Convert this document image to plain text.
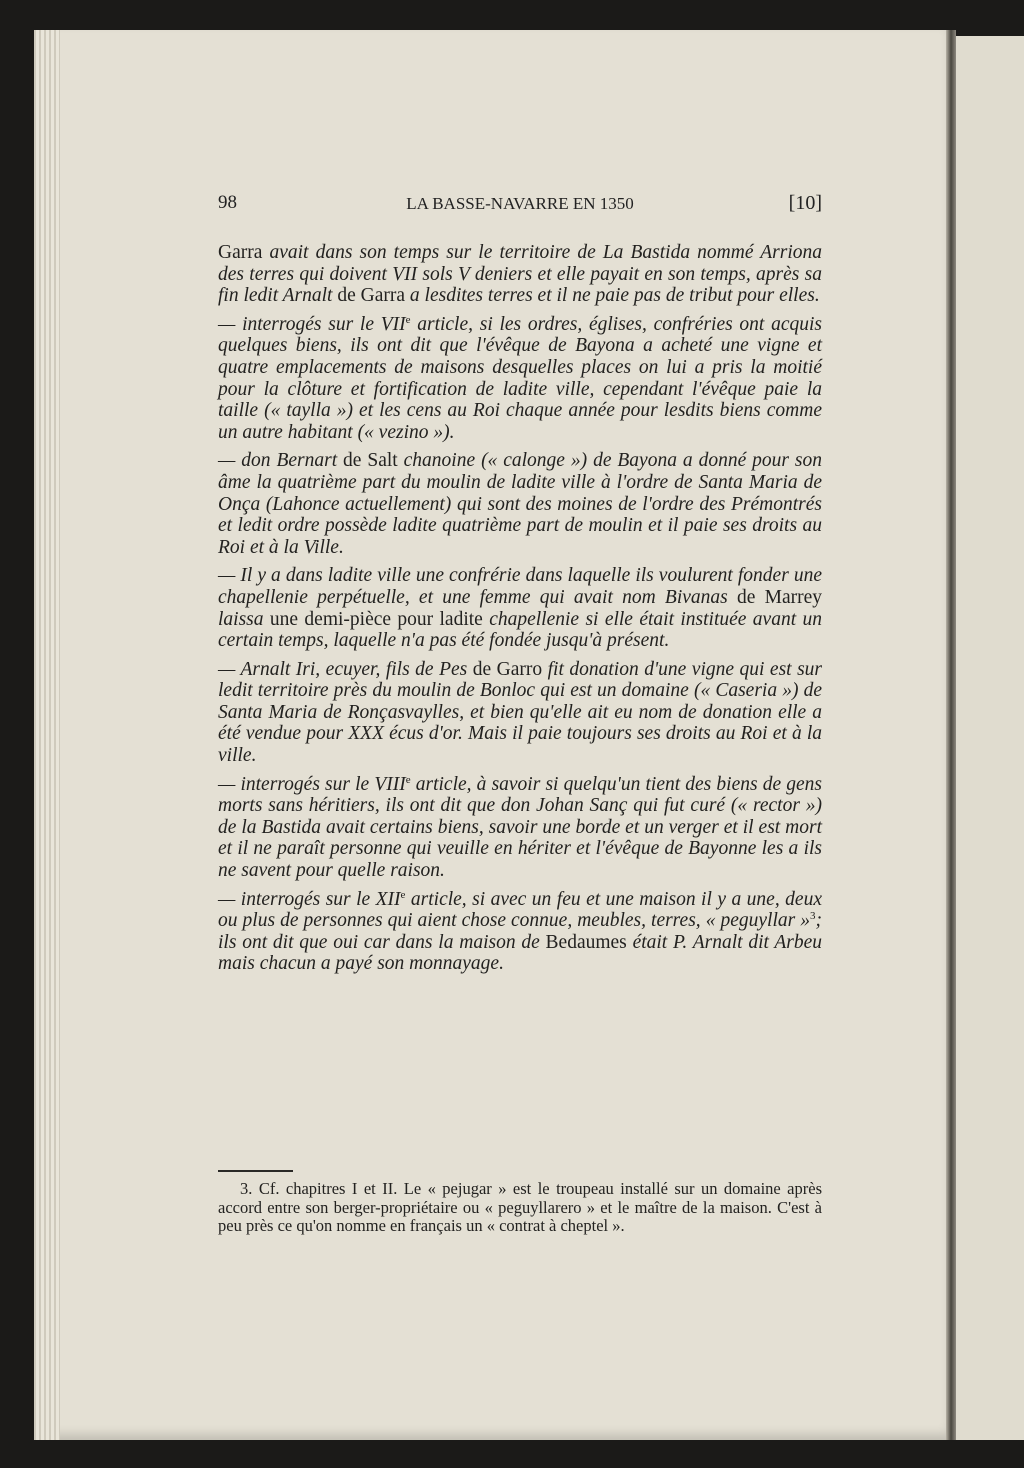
98	LA BASSE-NAVARRE EN 1350	[10]

Garra avait dans son temps sur le territoire de La Bastida nommé Arriona des terres qui doivent VII sols V deniers et elle payait en son temps, après sa fin ledit Arnalt de Garra a lesdites terres et il ne paie pas de tribut pour elles.

— interrogés sur le VIIe article, si les ordres, églises, confréries ont acquis quelques biens, ils ont dit que l'évêque de Bayona a acheté une vigne et quatre emplacements de maisons desquelles places on lui a pris la moitié pour la clôture et fortification de ladite ville, cependant l'évêque paie la taille (« taylla ») et les cens au Roi chaque année pour lesdits biens comme un autre habitant (« vezino »).

— don Bernart de Salt chanoine (« calonge ») de Bayona a donné pour son âme la quatrième part du moulin de ladite ville à l'ordre de Santa Maria de Onça (Lahonce actuellement) qui sont des moines de l'ordre des Prémontrés et ledit ordre possède ladite quatrième part de moulin et il paie ses droits au Roi et à la Ville.

— Il y a dans ladite ville une confrérie dans laquelle ils voulurent fonder une chapellenie perpétuelle, et une femme qui avait nom Bivanas de Marrey laissa une demi-pièce pour ladite chapellenie si elle était instituée avant un certain temps, laquelle n'a pas été fondée jusqu'à présent.

— Arnalt Iri, ecuyer, fils de Pes de Garro fit donation d'une vigne qui est sur ledit territoire près du moulin de Bonloc qui est un domaine (« Caseria ») de Santa Maria de Ronçasvaylles, et bien qu'elle ait eu nom de donation elle a été vendue pour XXX écus d'or. Mais il paie toujours ses droits au Roi et à la ville.

— interrogés sur le VIIIe article, à savoir si quelqu'un tient des biens de gens morts sans héritiers, ils ont dit que don Johan Sanç qui fut curé (« rector ») de la Bastida avait certains biens, savoir une borde et un verger et il est mort et il ne paraît personne qui veuille en hériter et l'évêque de Bayonne les a ils ne savent pour quelle raison.

— interrogés sur le XIIe article, si avec un feu et une maison il y a une, deux ou plus de personnes qui aient chose connue, meubles, terres, « peguyllar »$^3$; ils ont dit que oui car dans la maison de Bedaumes était P. Arnalt dit Arbeu mais chacun a payé son monnayage.

3. Cf. chapitres I et II. Le « pejugar » est le troupeau installé sur un domaine après accord entre son berger-propriétaire ou « peguyllarero » et le maître de la maison. C'est à peu près ce qu'on nomme en français un « contrat à cheptel ».
